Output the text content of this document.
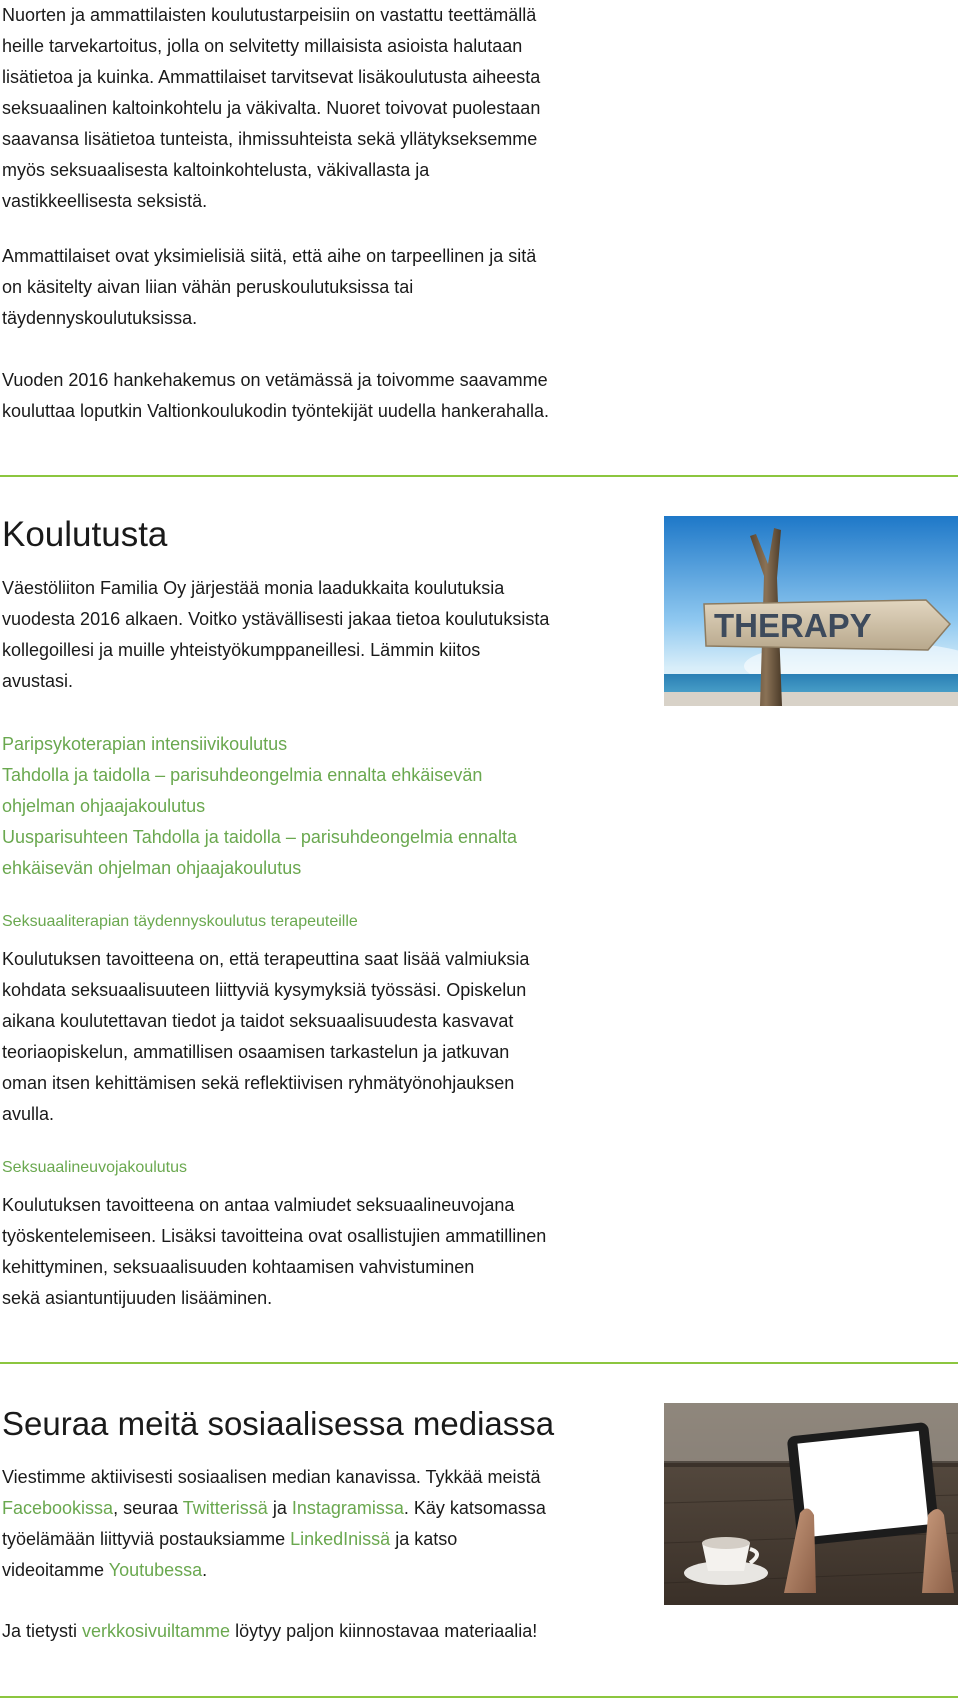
Nuorten ja ammattilaisten koulutustarpeisiin on vastattu teettämällä
heille tarvekartoitus, jolla on selvitetty millaisista asioista halutaan
lisätietoa ja kuinka. Ammattilaiset tarvitsevat lisäkoulutusta aiheesta
seksuaalinen kaltoinkohtelu ja väkivalta. Nuoret toivovat puolestaan
saavansa lisätietoa tunteista, ihmissuhteista sekä yllätykseksemme
myös seksuaalisesta kaltoinkohtelusta, väkivallasta ja
vastikkeellisesta seksistä.
Ammattilaiset ovat yksimielisiä siitä, että aihe on tarpeellinen ja sitä
on käsitelty aivan liian vähän peruskoulutuksissa tai
täydennyskoulutuksissa.
Vuoden 2016 hankehakemus on vetämässä ja toivomme saavamme
kouluttaa loputkin Valtionkoulukodin työntekijät uudella hankerahalla.
Koulutusta
Väestöliiton Familia Oy järjestää monia laadukkaita koulutuksia
vuodesta 2016 alkaen. Voitko ystävällisesti jakaa tietoa koulutuksista
kollegoillesi ja muille yhteistyökumppaneillesi. Lämmin kiitos
avustasi.
THERAPY
Paripsykoterapian intensiivikoulutus
Tahdolla ja taidolla – parisuhdeongelmia ennalta ehkäisevän
ohjelman ohjaajakoulutus
Uusparisuhteen Tahdolla ja taidolla – parisuhdeongelmia ennalta
ehkäisevän ohjelman ohjaajakoulutus
Seksuaaliterapian täydennyskoulutus terapeuteille
Koulutuksen tavoitteena on, että terapeuttina saat lisää valmiuksia
kohdata seksuaalisuuteen liittyviä kysymyksiä työssäsi. Opiskelun
aikana koulutettavan tiedot ja taidot seksuaalisuudesta kasvavat
teoriaopiskelun, ammatillisen osaamisen tarkastelun ja jatkuvan
oman itsen kehittämisen sekä reflektiivisen ryhmätyönohjauksen
avulla.
Seksuaalineuvojakoulutus
Koulutuksen tavoitteena on antaa valmiudet seksuaalineuvojana
työskentelemiseen. Lisäksi tavoitteina ovat osallistujien ammatillinen
kehittyminen, seksuaalisuuden kohtaamisen vahvistuminen
sekä asiantuntijuuden lisääminen.
Seuraa meitä sosiaalisessa mediassa
Viestimme aktiivisesti sosiaalisen median kanavissa. Tykkää meistä
Facebookissa, seuraa Twitterissä ja Instagramissa. Käy katsomassa
työelämään liittyviä postauksiamme LinkedInissä ja katso
videoitamme Youtubessa.
Ja tietysti verkkosivuiltamme löytyy paljon kiinnostavaa materiaalia!
